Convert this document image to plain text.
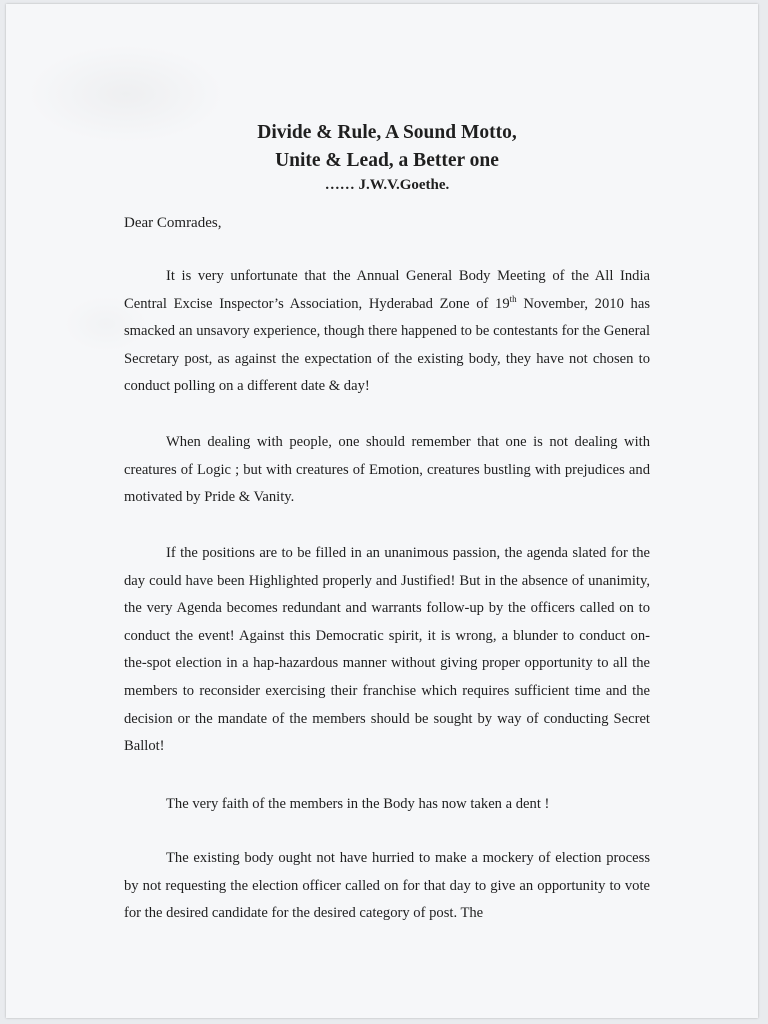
Divide & Rule, A Sound Motto,
Unite & Lead, a Better one
…… J.W.V.Goethe.
Dear Comrades,

It is very unfortunate that the Annual General Body Meeting of the All India Central Excise Inspector’s Association, Hyderabad Zone of 19th November, 2010 has smacked an unsavory experience, though there happened to be contestants for the General Secretary post, as against the expectation of the existing body, they have not chosen to conduct polling on a different date & day!

When dealing with people, one should remember that one is not dealing with creatures of Logic ; but with creatures of Emotion, creatures bustling with prejudices and motivated by Pride & Vanity.

If the positions are to be filled in an unanimous passion, the agenda slated for the day could have been Highlighted properly and Justified! But in the absence of unanimity, the very Agenda becomes redundant and warrants follow-up by the officers called on to conduct the event! Against this Democratic spirit, it is wrong, a blunder to conduct on-the-spot election in a hap-hazardous manner without giving proper opportunity to all the members to reconsider exercising their franchise which requires sufficient time and the decision or the mandate of the members should be sought by way of conducting Secret Ballot!

The very faith of the members in the Body has now taken a dent !

The existing body ought not have hurried to make a mockery of election process by not requesting the election officer called on for that day to give an opportunity to vote for the desired candidate for the desired category of post. The
